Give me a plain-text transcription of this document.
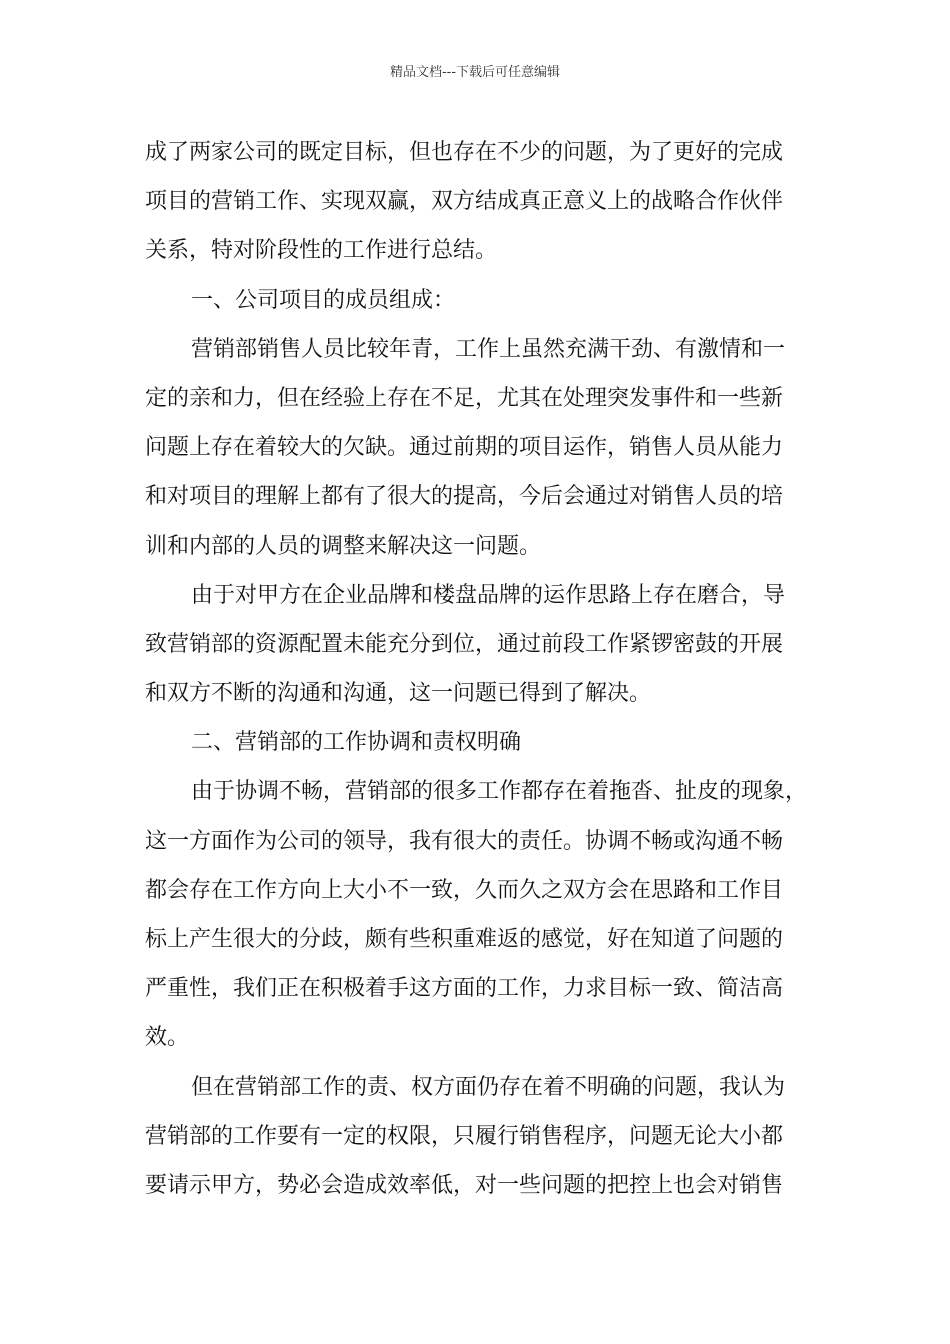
精品文档---下载后可任意编辑
成了两家公司的既定目标，但也存在不少的问题，为了更好的完成
项目的营销工作、实现双赢，双方结成真正意义上的战略合作伙伴
关系，特对阶段性的工作进行总结。
一、公司项目的成员组成：
营销部销售人员比较年青，工作上虽然充满干劲、有激情和一
定的亲和力，但在经验上存在不足，尤其在处理突发事件和一些新
问题上存在着较大的欠缺。通过前期的项目运作，销售人员从能力
和对项目的理解上都有了很大的提高，今后会通过对销售人员的培
训和内部的人员的调整来解决这一问题。
由于对甲方在企业品牌和楼盘品牌的运作思路上存在磨合，导
致营销部的资源配置未能充分到位，通过前段工作紧锣密鼓的开展
和双方不断的沟通和沟通，这一问题已得到了解决。
二、营销部的工作协调和责权明确
由于协调不畅，营销部的很多工作都存在着拖沓、扯皮的现象，
这一方面作为公司的领导，我有很大的责任。协调不畅或沟通不畅
都会存在工作方向上大小不一致，久而久之双方会在思路和工作目
标上产生很大的分歧，颇有些积重难返的感觉，好在知道了问题的
严重性，我们正在积极着手这方面的工作，力求目标一致、简洁高
效。
但在营销部工作的责、权方面仍存在着不明确的问题，我认为
营销部的工作要有一定的权限，只履行销售程序，问题无论大小都
要请示甲方，势必会造成效率低，对一些问题的把控上也会对销售
